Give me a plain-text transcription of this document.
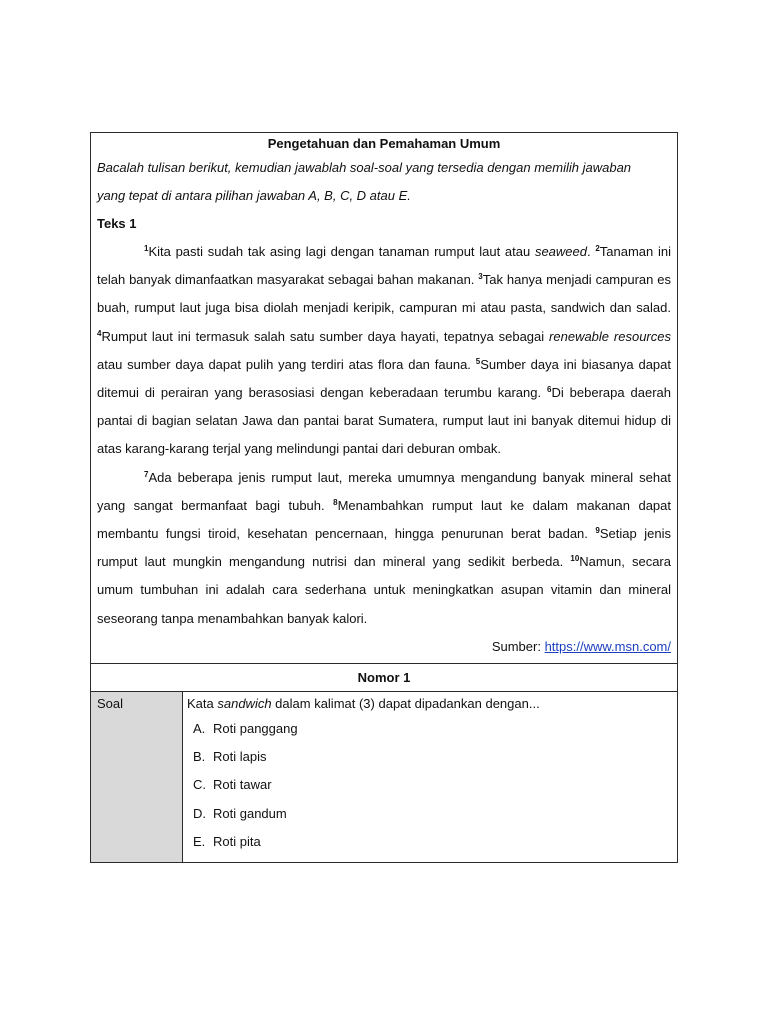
Pengetahuan dan Pemahaman Umum
Bacalah tulisan berikut, kemudian jawablah soal-soal yang tersedia dengan memilih jawaban
yang tepat di antara pilihan jawaban A, B, C, D atau E.
Teks 1

$^1$Kita pasti sudah tak asing lagi dengan tanaman rumput laut atau seaweed. $^2$Tanaman ini telah banyak dimanfaatkan masyarakat sebagai bahan makanan. $^3$Tak hanya menjadi campuran es buah, rumput laut juga bisa diolah menjadi keripik, campuran mi atau pasta, sandwich dan salad. $^4$Rumput laut ini termasuk salah satu sumber daya hayati, tepatnya sebagai renewable resources atau sumber daya dapat pulih yang terdiri atas flora dan fauna. $^5$Sumber daya ini biasanya dapat ditemui di perairan yang berasosiasi dengan keberadaan terumbu karang. $^6$Di beberapa daerah pantai di bagian selatan Jawa dan pantai barat Sumatera, rumput laut ini banyak ditemui hidup di atas karang-karang terjal yang melindungi pantai dari deburan ombak.

$^7$Ada beberapa jenis rumput laut, mereka umumnya mengandung banyak mineral sehat yang sangat bermanfaat bagi tubuh. $^8$Menambahkan rumput laut ke dalam makanan dapat membantu fungsi tiroid, kesehatan pencernaan, hingga penurunan berat badan. $^9$Setiap jenis rumput laut mungkin mengandung nutrisi dan mineral yang sedikit berbeda. $^{10}$Namun, secara umum tumbuhan ini adalah cara sederhana untuk meningkatkan asupan vitamin dan mineral seseorang tanpa menambahkan banyak kalori.

Sumber: https://www.msn.com/
Nomor 1
Soal	Kata sandwich dalam kalimat (3) dapat dipadankan dengan...
A. Roti panggang
B. Roti lapis
C. Roti tawar
D. Roti gandum
E. Roti pita
